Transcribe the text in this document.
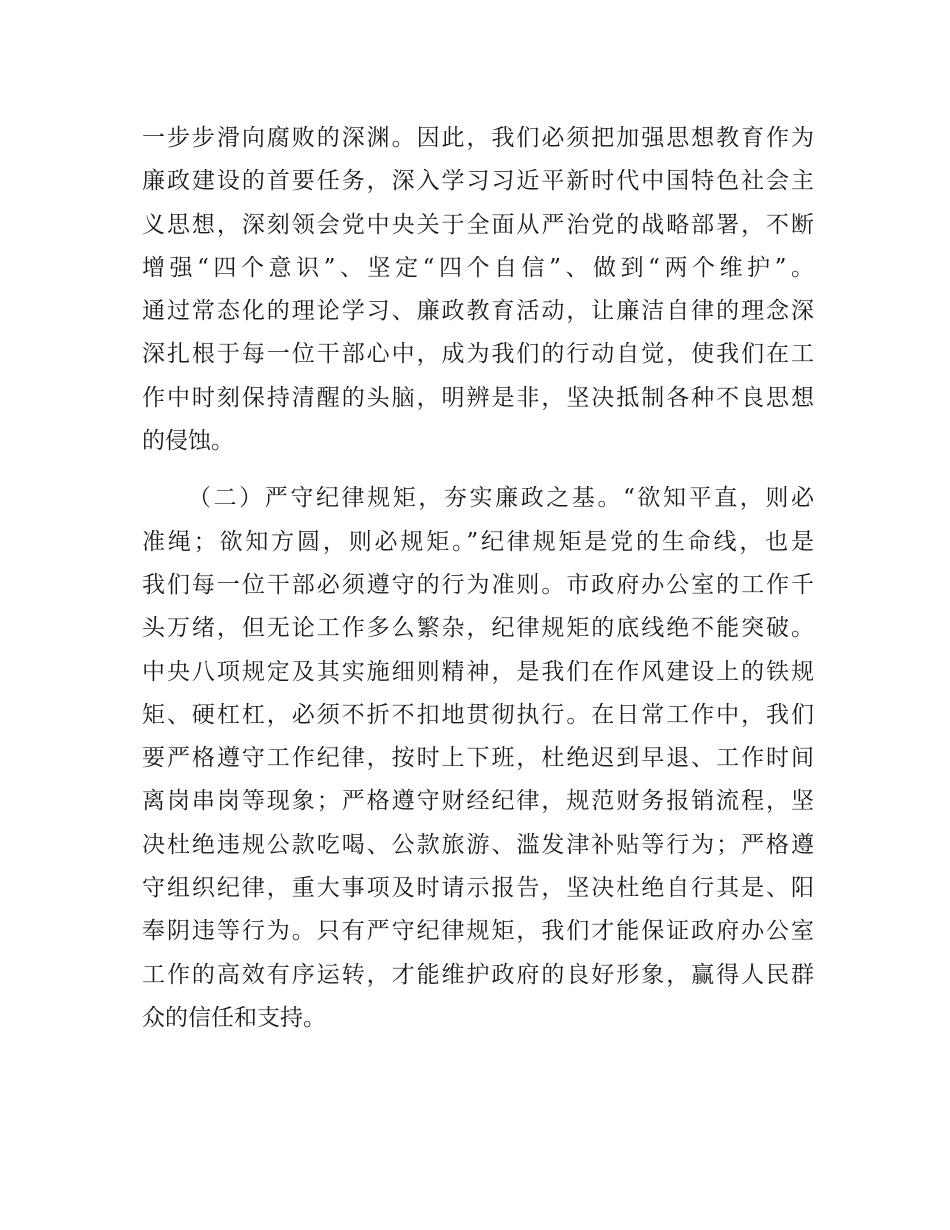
一步步滑向腐败的深渊。因此，我们必须把加强思想教育作为
廉政建设的首要任务，深入学习习近平新时代中国特色社会主
义思想，深刻领会党中央关于全面从严治党的战略部署，不断
增强“四个意识”、坚定“四个自信”、做到“两个维护”。
通过常态化的理论学习、廉政教育活动，让廉洁自律的理念深
深扎根于每一位干部心中，成为我们的行动自觉，使我们在工
作中时刻保持清醒的头脑，明辨是非，坚决抵制各种不良思想
的侵蚀。
（二）严守纪律规矩，夯实廉政之基。“欲知平直，则必
准绳；欲知方圆，则必规矩。”纪律规矩是党的生命线，也是
我们每一位干部必须遵守的行为准则。市政府办公室的工作千
头万绪，但无论工作多么繁杂，纪律规矩的底线绝不能突破。
中央八项规定及其实施细则精神，是我们在作风建设上的铁规
矩、硬杠杠，必须不折不扣地贯彻执行。在日常工作中，我们
要严格遵守工作纪律，按时上下班，杜绝迟到早退、工作时间
离岗串岗等现象；严格遵守财经纪律，规范财务报销流程，坚
决杜绝违规公款吃喝、公款旅游、滥发津补贴等行为；严格遵
守组织纪律，重大事项及时请示报告，坚决杜绝自行其是、阳
奉阴违等行为。只有严守纪律规矩，我们才能保证政府办公室
工作的高效有序运转，才能维护政府的良好形象，赢得人民群
众的信任和支持。
